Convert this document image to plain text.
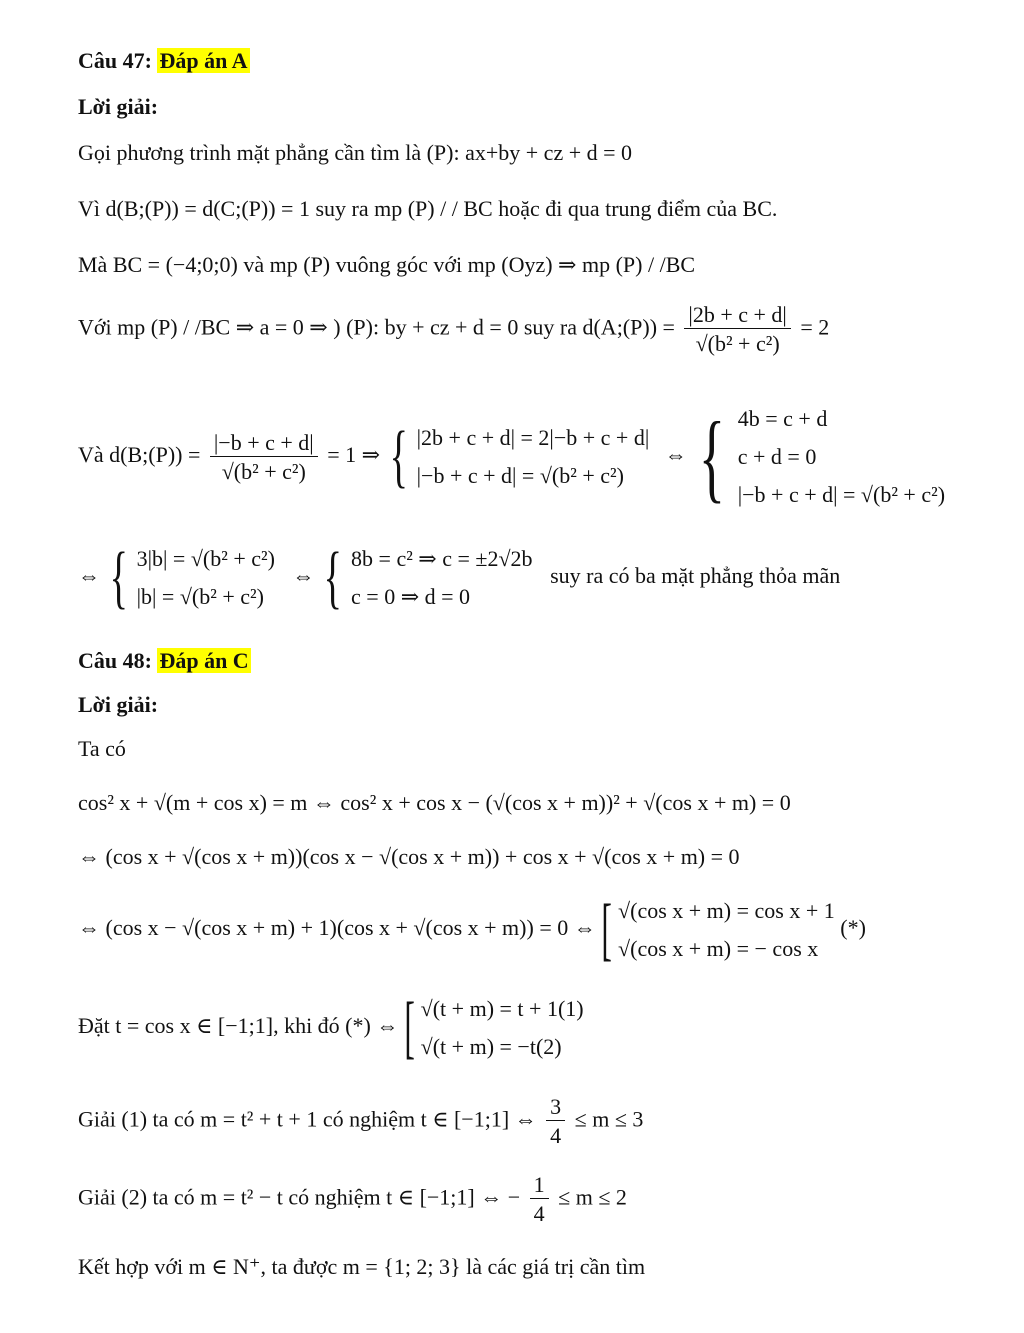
Câu 47: Đáp án A
Lời giải:
Gọi phương trình mặt phẳng cần tìm là (P): ax+by + cz + d = 0
Vì d(B;(P)) = d(C;(P)) = 1 suy ra mp (P) / / BC hoặc đi qua trung điểm của BC.
Mà BC = (−4;0;0) và mp (P) vuông góc với mp (Oyz) ⇒ mp (P) / /BC
Với mp (P) / /BC ⇒ a = 0 ⇒ ) (P): by + cz + d = 0 suy ra d(A;(P)) = $\frac{|2b + c + d|}{\text{√(b² + c²)}} = 2$
Và d(B;(P)) = $\frac{|-b + c + d|}{\text{√(b² + c²)}} = 1$ ⇒ { |2b + c + d| = 2|−b + c + d|
|−b + c + d| = √(b² + c²)
⇔ { 4b = c + d
c + d = 0
|−b + c + d| = √(b² + c²)
⇔ { 3|b| = √(b² + c²)
|b| = √(b² + c²)
⇔ { 8b = c² ⇒ c = ±2√2b
c = 0 ⇒ d = 0
suy ra có ba mặt phẳng thỏa mãn
Câu 48: Đáp án C
Lời giải:
Ta có
cos² x + √(m + cos x) = m ⇔ cos² x + cos x − (√(cos x + m))² + √(cos x + m) = 0
⇔ (cos x + √(cos x + m))(cos x − √(cos x + m)) + cos x + √(cos x + m) = 0
⇔ (cos x − √(cos x + m) + 1)(cos x + √(cos x + m)) = 0 ⇔ [ √(cos x + m) = cos x + 1
√(cos x + m) = − cos x
(*)
Đặt t = cos x ∈ [−1;1], khi đó (*) ⇔ [ √(t + m) = t + 1(1)
√(t + m) = −t(2)
Giải (1) ta có m = t² + t + 1 có nghiệm t ∈ [−1;1] ⇔ $\frac{3}{4} \le m \le 3$
Giải (2) ta có m = t² − t có nghiệm t ∈ [−1;1] ⇔ − $\frac{1}{4} \le m \le 2$
Kết hợp với m ∈ N⁺, ta được m = {1; 2; 3} là các giá trị cần tìm
